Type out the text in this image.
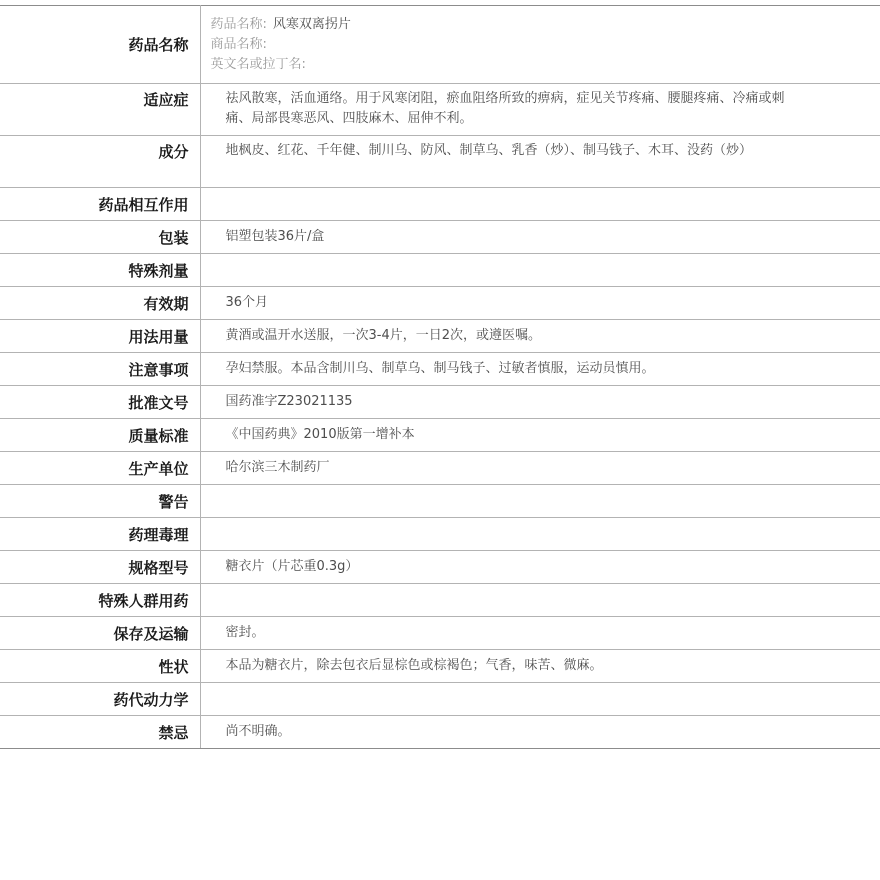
药品名称	药品名称: 风寒双离拐片
商品名称:
英文名或拉丁名:

适应症	祛风散寒，活血通络。用于风寒闭阻，瘀血阻络所致的痹病，症见关节疼痛、腰腿疼痛、冷痛或刺痛、局部畏寒恶风、四肢麻木、屈伸不利。
成分	地枫皮、红花、千年健、制川乌、防风、制草乌、乳香（炒）、制马钱子、木耳、没药（炒）
药品相互作用	
包装	铝塑包装36片/盒
特殊剂量	
有效期	36个月
用法用量	黄酒或温开水送服，一次3-4片，一日2次，或遵医嘱。
注意事项	孕妇禁服。本品含制川乌、制草乌、制马钱子、过敏者慎服，运动员慎用。
批准文号	国药准字Z23021135
质量标准	《中国药典》2010版第一增补本
生产单位	哈尔滨三木制药厂
警告	
药理毒理	
规格型号	糖衣片（片芯重0.3g）
特殊人群用药	
保存及运输	密封。
性状	本品为糖衣片，除去包衣后显棕色或棕褐色；气香，味苦、微麻。
药代动力学	
禁忌	尚不明确。
